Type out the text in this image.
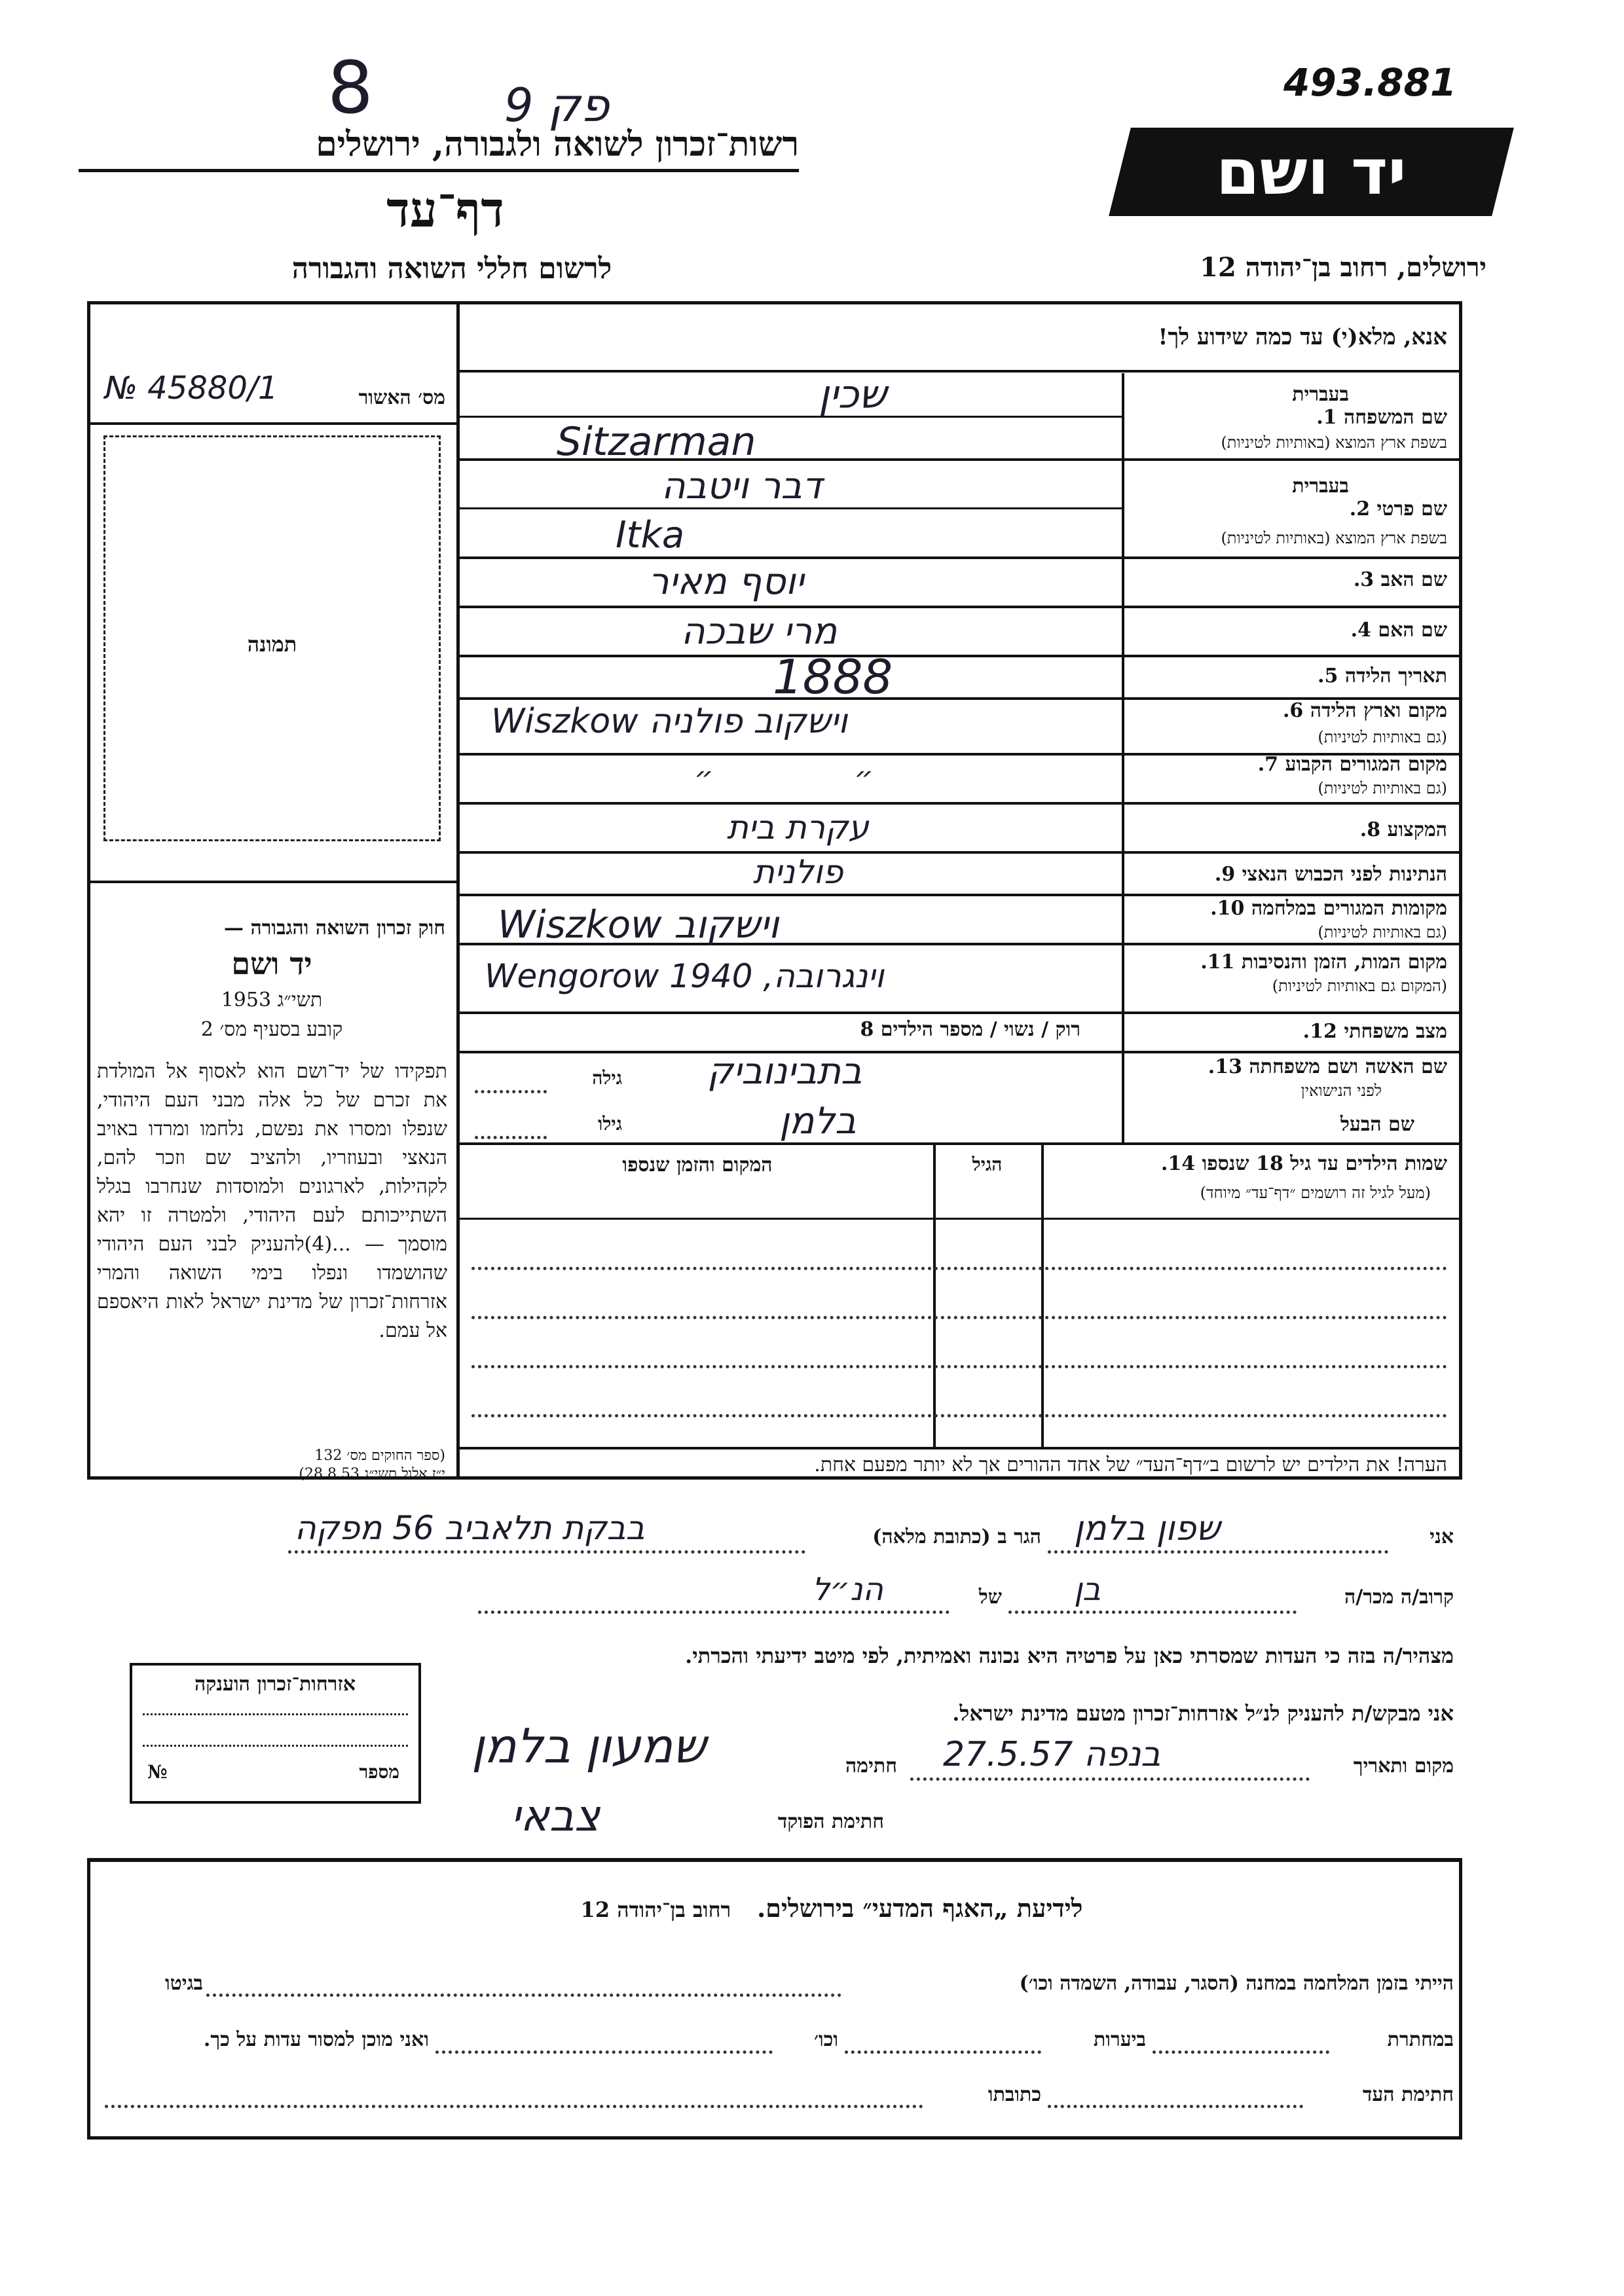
493.881
8	פק 9
רשות־זכרון לשואה ולגבורה, ירושלים
דף־עד
לרשום חללי השואה והגבורה
יד ושם
ירושלים, רחוב בן־יהודה 12
אנא, מלא(י) עד כמה שידוע לך!
מס׳ האשור
№ 45880/1
תמונה
חוק זכרון השואה והגבורה —
יד ושם
תשי״ג 1953
קובע בסעיף מס׳ 2
תפקידו של יד־ושם הוא לאסוף אל המולדת את זכרם של כל אלה מבני העם היהודי, שנפלו ומסרו את נפשם, נלחמו ומרדו באויב הנאצי ובעוזריו, ולהציב שם וזכר להם, לקהילות, לארגונים ולמוסדות שנחרבו בגלל השתייכותם לעם היהודי, ולמטרה זו יהא מוסמך — ...(4)להעניק לבני העם היהודי שהושמדו ונפלו בימי השואה והמרי אזרחות־זכרון של מדינת ישראל לאות היאספם אל עמם.
(ספר החוקים מס׳ 132
י״ז אלול תשי״ג 28.8.53)
שם המשפחה 1.
בעברית
בשפת ארץ המוצא (באותיות לטיניות)
שכין
Sitzarman
שם פרטי 2.
בעברית
בשפת ארץ המוצא (באותיות לטיניות)
דבר ויטבה
Itka
שם האב 3.
יוסף מאיר
שם האם 4.
מרי שבכה
תאריך הלידה 5.
1888
מקום וארץ הלידה 6.
(גם באותיות לטיניות)
וישקוב פולניה Wiszkow
מקום המגורים הקבוע 7.
(גם באותיות לטיניות)
״ ״
המקצוע 8.
עקרת בית
הנתינות לפני הכבוש הנאצי 9.
פולנית
מקומות המגורים במלחמה 10.
(גם באותיות לטיניות)
וישקוב Wiszkow
מקום המות, הזמן והנסיבות 11.
(המקום גם באותיות לטיניות)
וינגרובה, 1940 Wengorow
מצב משפחתי 12.
רוק / נשוי / מספר הילדים 8
שם האשה ושם משפחתה 13.
לפני הנישואין
בתבינוביק
גילה
שם הבעל
בלמן
גילו
שמות הילדים עד גיל 18 שנספו 14.
(מעל לגיל זה רושמים ״דף־עד״ מיוחד)
הגיל
המקום והזמן שנספו
הערה! את הילדים יש לרשום ב״דף־העד״ של אחד ההורים אך לא יותר מפעם אחת.
אני
שפון בלמן
הגר ב (כתובת מלאה)
בבקת תלאביב 56 מפקה
קרוב/ה מכר/ה
בן
של
הנ״ל
מצהיר/ה בזה כי העדות שמסרתי כאן על פרטיה היא נכונה ואמיתית, לפי מיטב ידיעתי והכרתי.
אני מבקש/ת להעניק לנ״ל אזרחות־זכרון מטעם מדינת ישראל.
מקום ותאריך
בנפה 27.5.57
חתימה
שמעון בלמן
חתימת הפוקד
צבאי
אזרחות־זכרון הוענקה
מספר
№
לידיעת „האגף המדעי״ בירושלים.   רחוב בן־יהודה 12
הייתי בזמן המלחמה במחנה (הסגר, עבודה, השמדה וכו׳)
בגיטו
במחתרת
ביערות
וכו׳
ואני מוכן למסור עדות על כך.
חתימת העד
כתובתו
